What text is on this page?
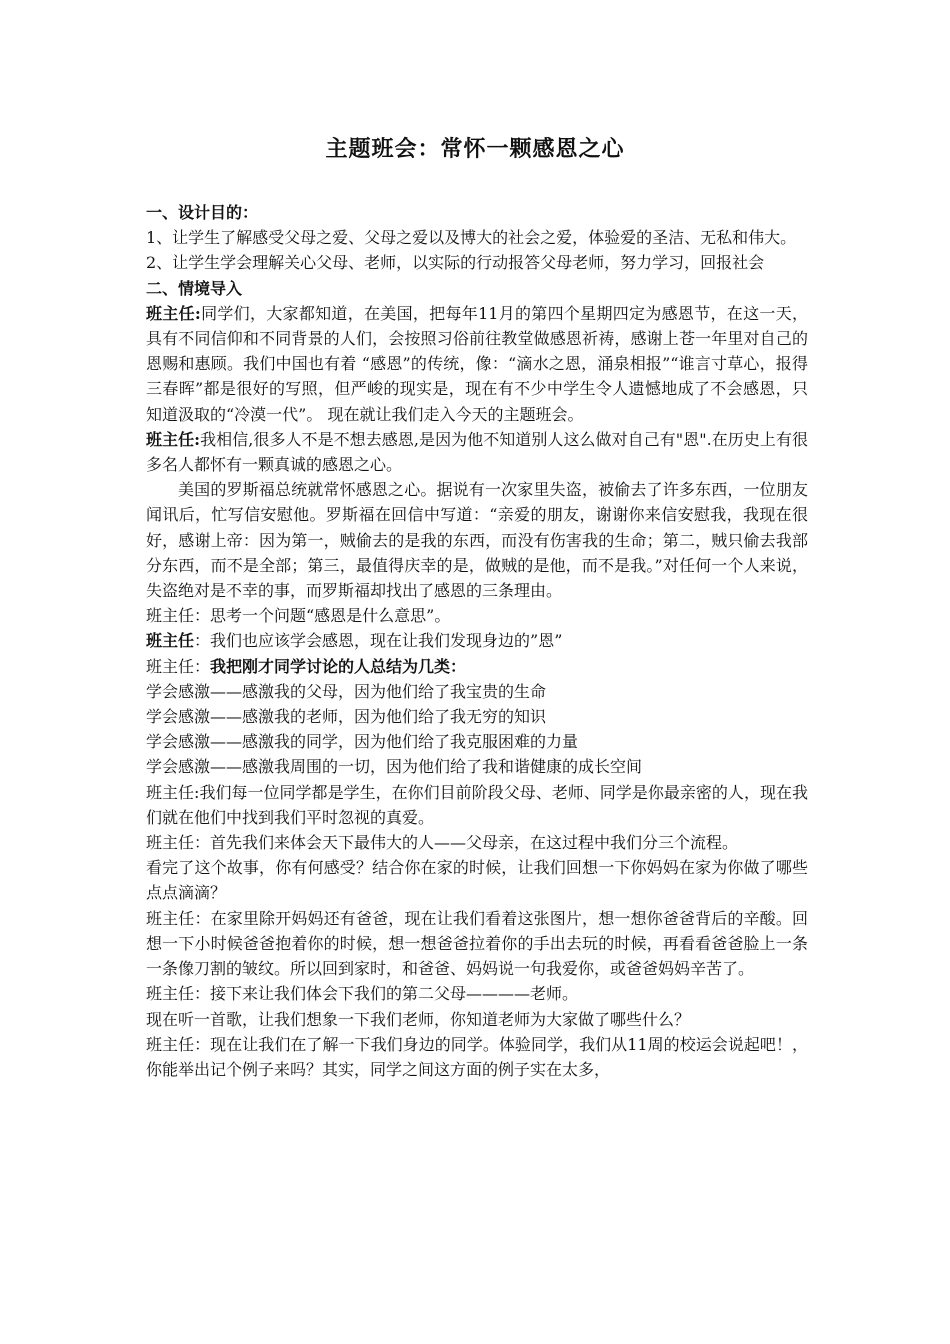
主题班会：常怀一颗感恩之心

一、设计目的：

1、让学生了解感受父母之爱、父母之爱以及博大的社会之爱，体验爱的圣洁、无私和伟大。

2、让学生学会理解关心父母、老师，以实际的行动报答父母老师，努力学习，回报社会

二、情境导入

班主任:同学们，大家都知道，在美国，把每年11月的第四个星期四定为感恩节，在这一天，具有不同信仰和不同背景的人们，会按照习俗前往教堂做感恩祈祷，感谢上苍一年里对自己的恩赐和惠顾。我们中国也有着 “感恩”的传统，像：“滴水之恩，涌泉相报”“谁言寸草心，报得三春晖”都是很好的写照，但严峻的现实是，现在有不少中学生令人遗憾地成了不会感恩，只知道汲取的“冷漠一代”。 现在就让我们走入今天的主题班会。

班主任:我相信,很多人不是不想去感恩,是因为他不知道别人这么做对自己有"恩".在历史上有很多名人都怀有一颗真诚的感恩之心。

美国的罗斯福总统就常怀感恩之心。据说有一次家里失盗，被偷去了许多东西，一位朋友闻讯后，忙写信安慰他。罗斯福在回信中写道：“亲爱的朋友，谢谢你来信安慰我，我现在很好，感谢上帝：因为第一，贼偷去的是我的东西，而没有伤害我的生命；第二，贼只偷去我部分东西，而不是全部；第三，最值得庆幸的是，做贼的是他，而不是我。”对任何一个人来说，失盗绝对是不幸的事，而罗斯福却找出了感恩的三条理由。

班主任：思考一个问题“感恩是什么意思”。

班主任：我们也应该学会感恩，现在让我们发现身边的”恩”

班主任：我把刚才同学讨论的人总结为几类：

学会感激——感激我的父母，因为他们给了我宝贵的生命

学会感激——感激我的老师，因为他们给了我无穷的知识

学会感激——感激我的同学，因为他们给了我克服困难的力量

学会感激——感激我周围的一切，因为他们给了我和谐健康的成长空间

班主任:我们每一位同学都是学生，在你们目前阶段父母、老师、同学是你最亲密的人，现在我们就在他们中找到我们平时忽视的真爱。

班主任：首先我们来体会天下最伟大的人——父母亲，在这过程中我们分三个流程。

看完了这个故事，你有何感受？结合你在家的时候，让我们回想一下你妈妈在家为你做了哪些点点滴滴？

班主任：在家里除开妈妈还有爸爸，现在让我们看着这张图片，想一想你爸爸背后的辛酸。回想一下小时候爸爸抱着你的时候，想一想爸爸拉着你的手出去玩的时候，再看看爸爸脸上一条一条像刀割的皱纹。所以回到家时，和爸爸、妈妈说一句我爱你，或爸爸妈妈辛苦了。

班主任：接下来让我们体会下我们的第二父母————老师。

现在听一首歌，让我们想象一下我们老师，你知道老师为大家做了哪些什么？

班主任：现在让我们在了解一下我们身边的同学。体验同学，我们从11周的校运会说起吧！，你能举出记个例子来吗？其实，同学之间这方面的例子实在太多，
